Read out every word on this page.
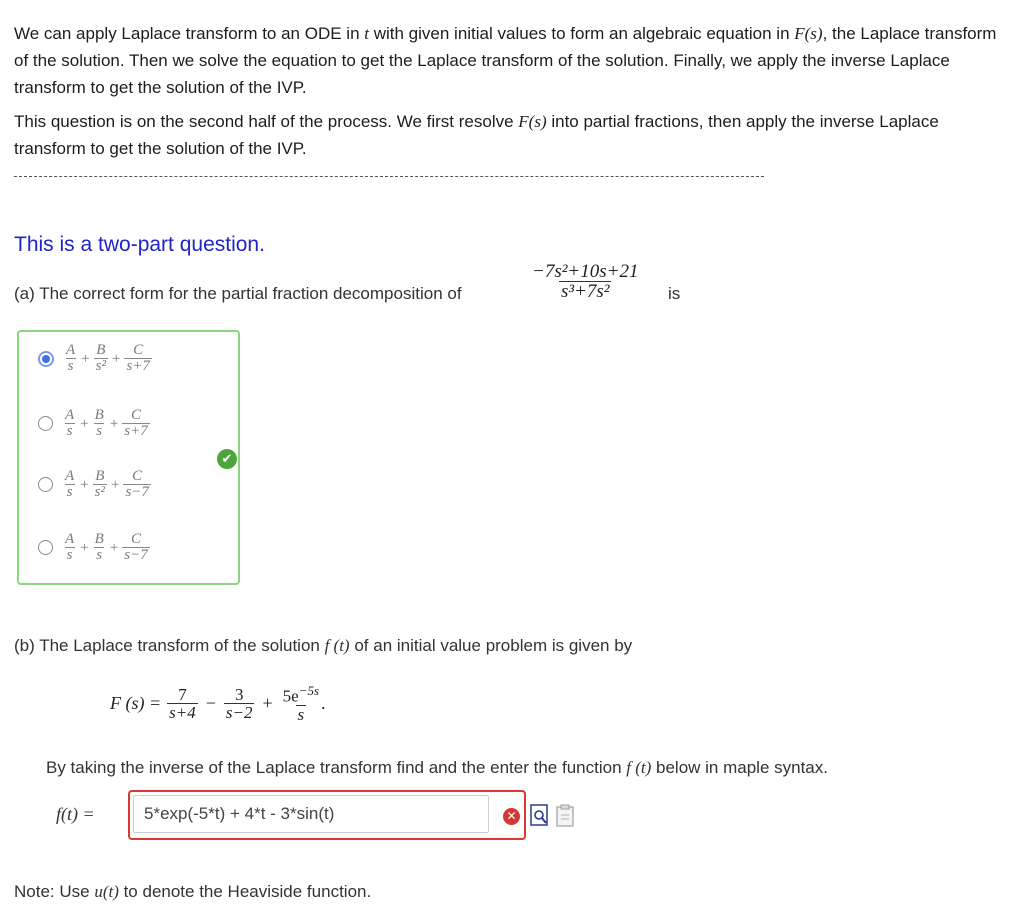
We can apply Laplace transform to an ODE in t with given initial values to form an algebraic equation in F(s), the Laplace transform of the solution. Then we solve the equation to get the Laplace transform of the solution. Finally, we apply the inverse Laplace transform to get the solution of the IVP.
This question is on the second half of the process. We first resolve F(s) into partial fractions, then apply the inverse Laplace transform to get the solution of the IVP.
This is a two-part question.
(a) The correct form for the partial fraction decomposition of	$\frac{\text{−7s²+10s+21}}{\text{s³+7s²}}$ is
$\frac{A}{s} + \frac{B}{\text{s²}} + \frac{C}{s+7}$
$\frac{A}{s} + \frac{B}{s} + \frac{C}{s+7}$
$\frac{A}{s} + \frac{B}{\text{s²}} + \frac{C}{s-7}$
$\frac{A}{s} + \frac{B}{s} + \frac{C}{s-7}$
✔
(b) The Laplace transform of the solution f (t) of an initial value problem is given by
F $(s) = \frac{7}{s+4} - \frac{3}{s-2} + \frac{5e^{-5s}}{s}$ .
By taking the inverse of the Laplace transform find and the enter the function f (t) below in maple syntax.
f(t) =
5*exp(-5*t) + 4*t - 3*sin(t)	✕
Note: Use u(t) to denote the Heaviside function.
